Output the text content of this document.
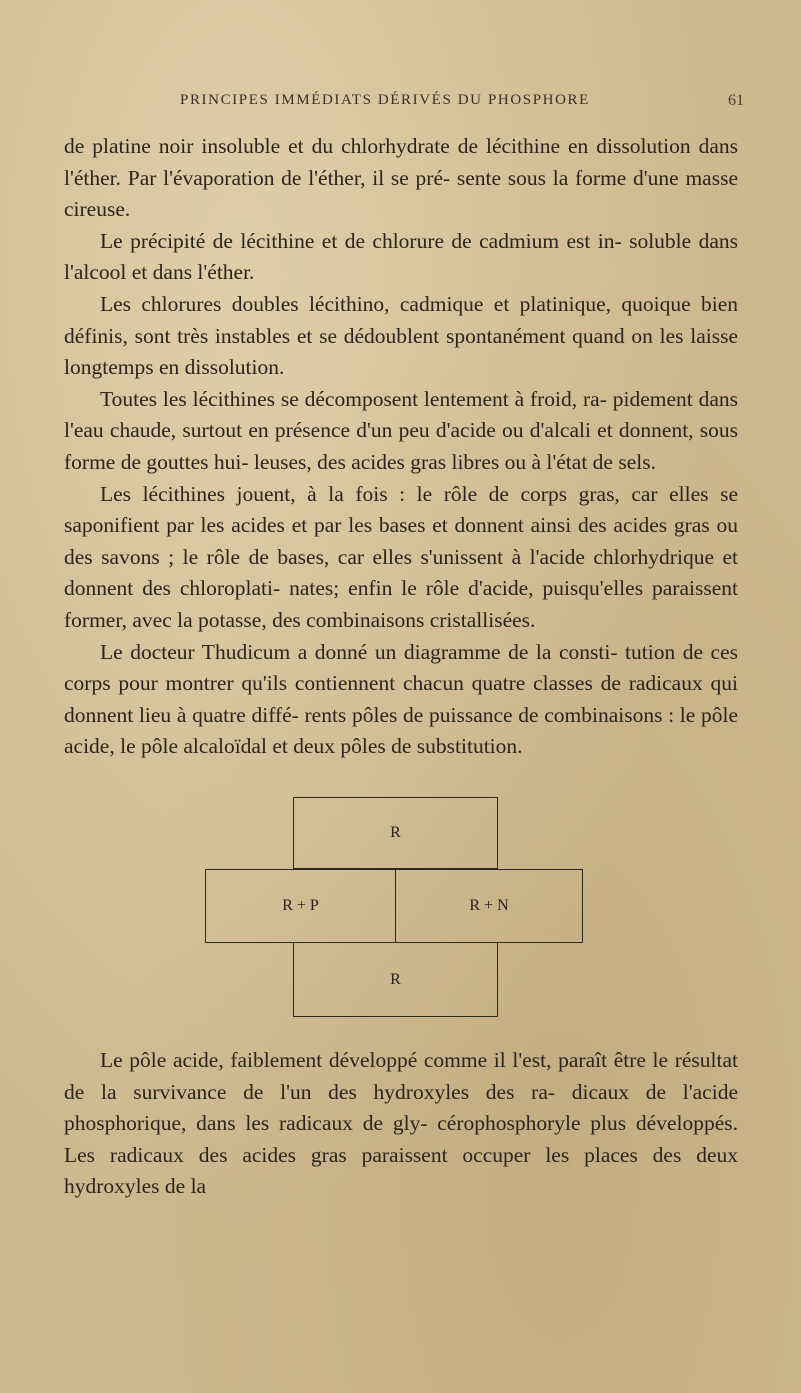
PRINCIPES IMMÉDIATS DÉRIVÉS DU PHOSPHORE	61

de platine noir insoluble et du chlorhydrate de lécithine en dissolution dans l'éther. Par l'évaporation de l'éther, il se pré- sente sous la forme d'une masse cireuse.

Le précipité de lécithine et de chlorure de cadmium est in- soluble dans l'alcool et dans l'éther.

Les chlorures doubles lécithino, cadmique et platinique, quoique bien définis, sont très instables et se dédoublent spontanément quand on les laisse longtemps en dissolution.

Toutes les lécithines se décomposent lentement à froid, ra- pidement dans l'eau chaude, surtout en présence d'un peu d'acide ou d'alcali et donnent, sous forme de gouttes hui- leuses, des acides gras libres ou à l'état de sels.

Les lécithines jouent, à la fois : le rôle de corps gras, car elles se saponifient par les acides et par les bases et donnent ainsi des acides gras ou des savons ; le rôle de bases, car elles s'unissent à l'acide chlorhydrique et donnent des chloroplati- nates; enfin le rôle d'acide, puisqu'elles paraissent former, avec la potasse, des combinaisons cristallisées.

Le docteur Thudicum a donné un diagramme de la consti- tution de ces corps pour montrer qu'ils contiennent chacun quatre classes de radicaux qui donnent lieu à quatre diffé- rents pôles de puissance de combinaisons : le pôle acide, le pôle alcaloïdal et deux pôles de substitution.

R
R + P	R + N
R

Le pôle acide, faiblement développé comme il l'est, paraît être le résultat de la survivance de l'un des hydroxyles des ra- dicaux de l'acide phosphorique, dans les radicaux de gly- cérophosphoryle plus développés. Les radicaux des acides gras paraissent occuper les places des deux hydroxyles de la
